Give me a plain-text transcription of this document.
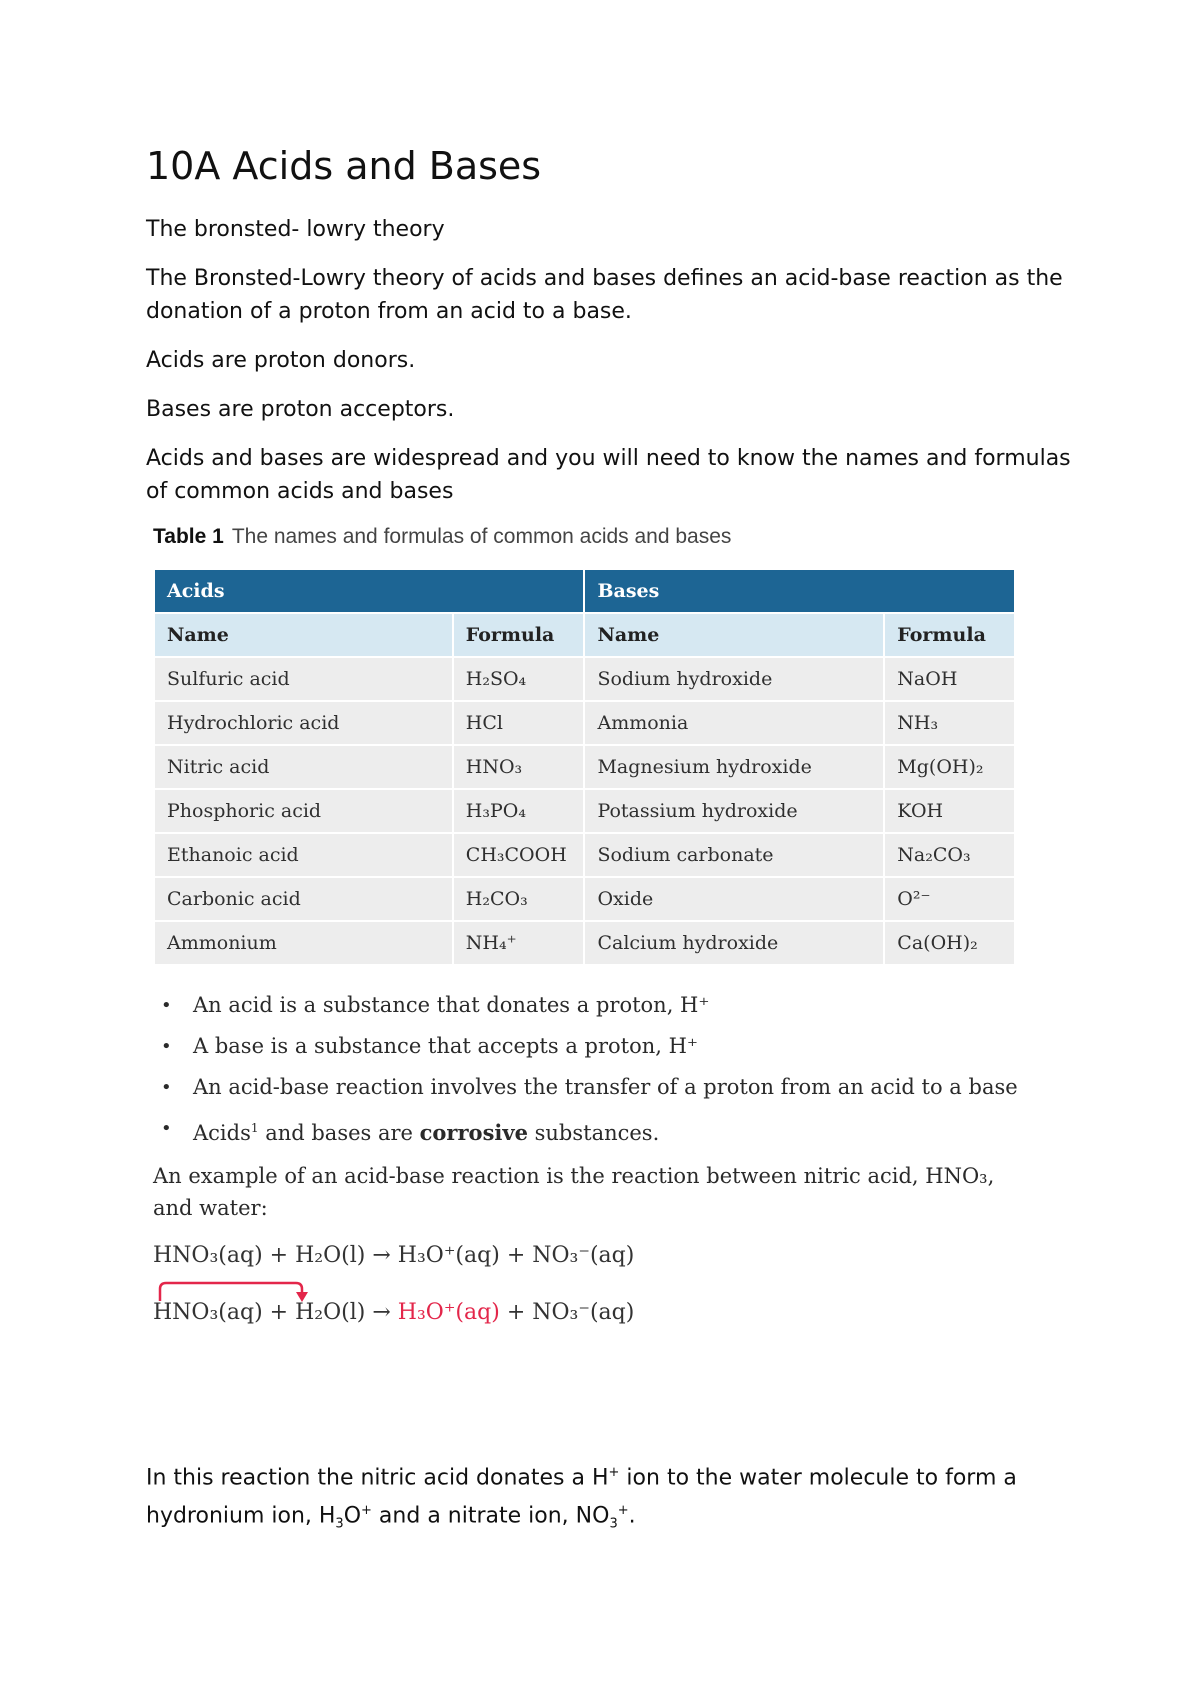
10A Acids and Bases
The bronsted- lowry theory
The Bronsted-Lowry theory of acids and bases defines an acid-base reaction as the donation of a proton from an acid to a base.
Acids are proton donors.
Bases are proton acceptors.
Acids and bases are widespread and you will need to know the names and formulas of common acids and bases
Table 1 The names and formulas of common acids and bases
Acids		Bases	
Name	Formula	Name	Formula
Sulfuric acid	H₂SO₄	Sodium hydroxide	NaOH
Hydrochloric acid	HCl	Ammonia	NH₃
Nitric acid	HNO₃	Magnesium hydroxide	Mg(OH)₂
Phosphoric acid	H₃PO₄	Potassium hydroxide	KOH
Ethanoic acid	CH₃COOH	Sodium carbonate	Na₂CO₃
Carbonic acid	H₂CO₃	Oxide	O²⁻
Ammonium	NH₄⁺	Calcium hydroxide	Ca(OH)₂
• An acid is a substance that donates a proton, H⁺
• A base is a substance that accepts a proton, H⁺
• An acid-base reaction involves the transfer of a proton from an acid to a base
• Acids$^1$ and bases are corrosive substances.
An example of an acid-base reaction is the reaction between nitric acid, HNO₃, and water:
HNO₃(aq) + H₂O(l) → H₃O⁺(aq) + NO₃⁻(aq)
HNO₃(aq) + H₂O(l) → H₃O⁺(aq) + NO₃⁻(aq)
In this reaction the nitric acid donates a H+ ion to the water molecule to form a hydronium ion, $H_3O^+$ and a nitrate ion, $NO_3^+$.
